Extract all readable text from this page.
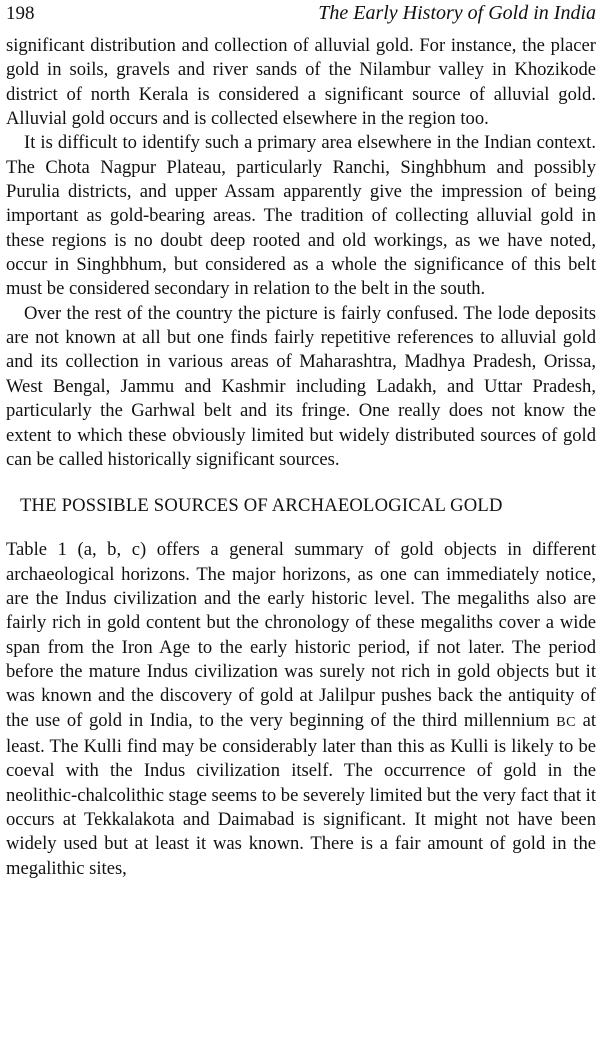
198	The Early History of Gold in India

significant distribution and collection of alluvial gold. For instance, the placer gold in soils, gravels and river sands of the Nilambur valley in Khozikode district of north Kerala is considered a significant source of alluvial gold. Alluvial gold occurs and is collected elsewhere in the region too.

It is difficult to identify such a primary area elsewhere in the Indian context. The Chota Nagpur Plateau, particularly Ranchi, Singhbhum and possibly Purulia districts, and upper Assam apparently give the impression of being important as gold-bearing areas. The tradition of collecting alluvial gold in these regions is no doubt deep rooted and old workings, as we have noted, occur in Singhbhum, but considered as a whole the significance of this belt must be considered secondary in relation to the belt in the south.

Over the rest of the country the picture is fairly confused. The lode deposits are not known at all but one finds fairly repetitive references to alluvial gold and its collection in various areas of Maharashtra, Madhya Pradesh, Orissa, West Bengal, Jammu and Kashmir including Ladakh, and Uttar Pradesh, particularly the Garhwal belt and its fringe. One really does not know the extent to which these obviously limited but widely distributed sources of gold can be called historically significant sources.

THE POSSIBLE SOURCES OF ARCHAEOLOGICAL GOLD

Table 1 (a, b, c) offers a general summary of gold objects in different archaeological horizons. The major horizons, as one can immediately notice, are the Indus civilization and the early historic level. The megaliths also are fairly rich in gold content but the chronology of these megaliths cover a wide span from the Iron Age to the early historic period, if not later. The period before the mature Indus civilization was surely not rich in gold objects but it was known and the discovery of gold at Jalilpur pushes back the antiquity of the use of gold in India, to the very beginning of the third millennium BC at least. The Kulli find may be considerably later than this as Kulli is likely to be coeval with the Indus civilization itself. The occurrence of gold in the neolithic-chalcolithic stage seems to be severely limited but the very fact that it occurs at Tekkalakota and Daimabad is significant. It might not have been widely used but at least it was known. There is a fair amount of gold in the megalithic sites,
